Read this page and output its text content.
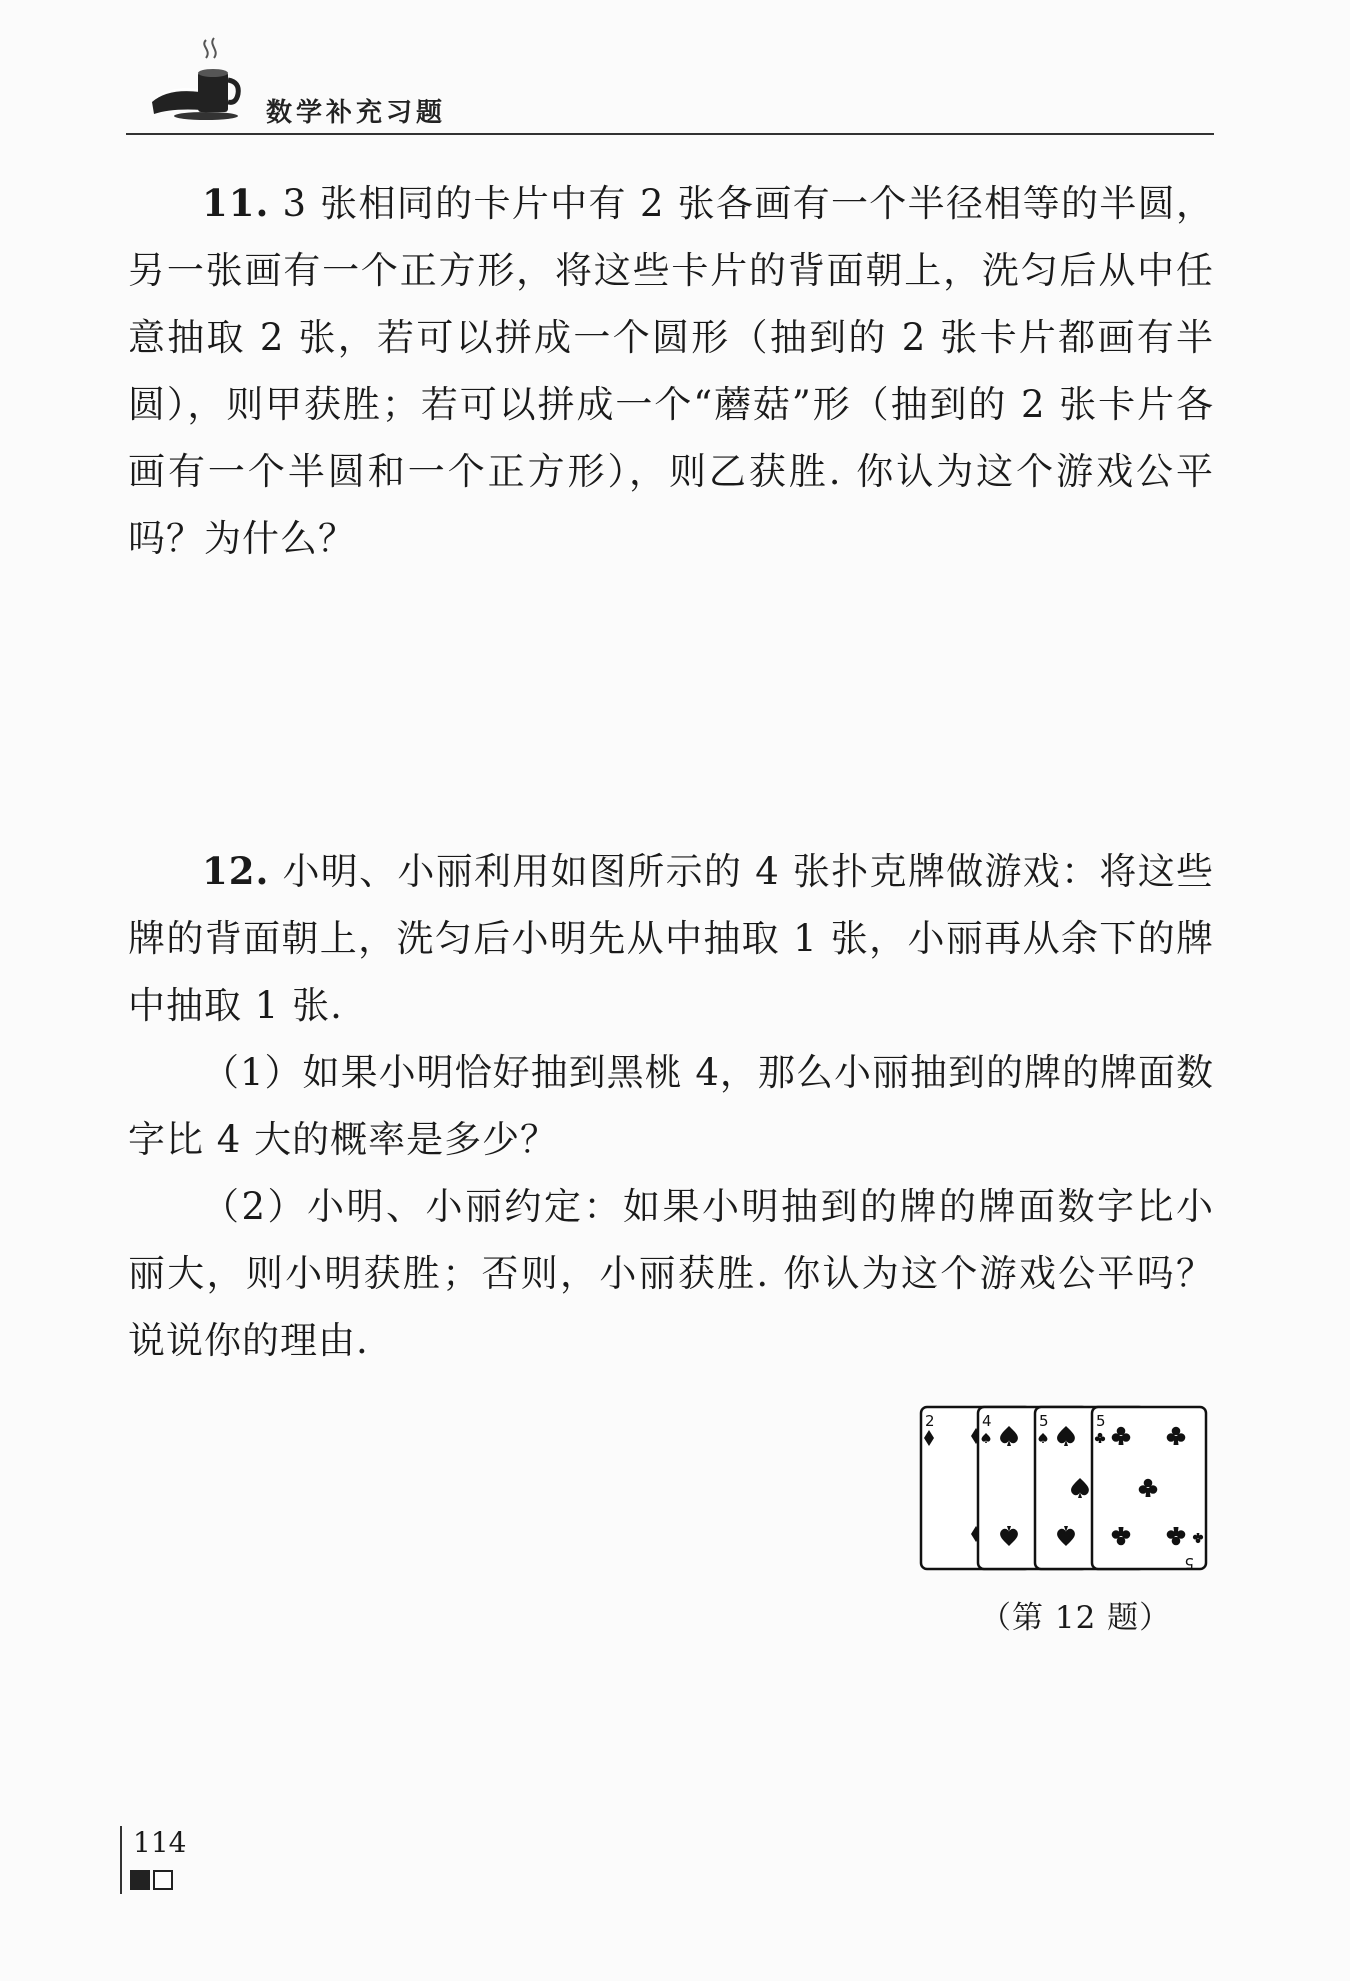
数学补充习题

11. 3 张相同的卡片中有 2 张各画有一个半径相等的半圆，另一张画有一个正方形，将这些卡片的背面朝上，洗匀后从中任意抽取 2 张，若可以拼成一个圆形（抽到的 2 张卡片都画有半圆），则甲获胜；若可以拼成一个“蘑菇”形（抽到的 2 张卡片各画有一个半圆和一个正方形），则乙获胜. 你认为这个游戏公平吗？为什么？

12. 小明、小丽利用如图所示的 4 张扑克牌做游戏：将这些牌的背面朝上，洗匀后小明先从中抽取 1 张，小丽再从余下的牌中抽取 1 张.

（1）如果小明恰好抽到黑桃 4，那么小丽抽到的牌的牌面数字比 4 大的概率是多少？

（2）小明、小丽约定：如果小明抽到的牌的牌面数字比小丽大，则小明获胜；否则，小丽获胜. 你认为这个游戏公平吗？说说你的理由.

2	4	5	5
5
（第 12 题）
114
